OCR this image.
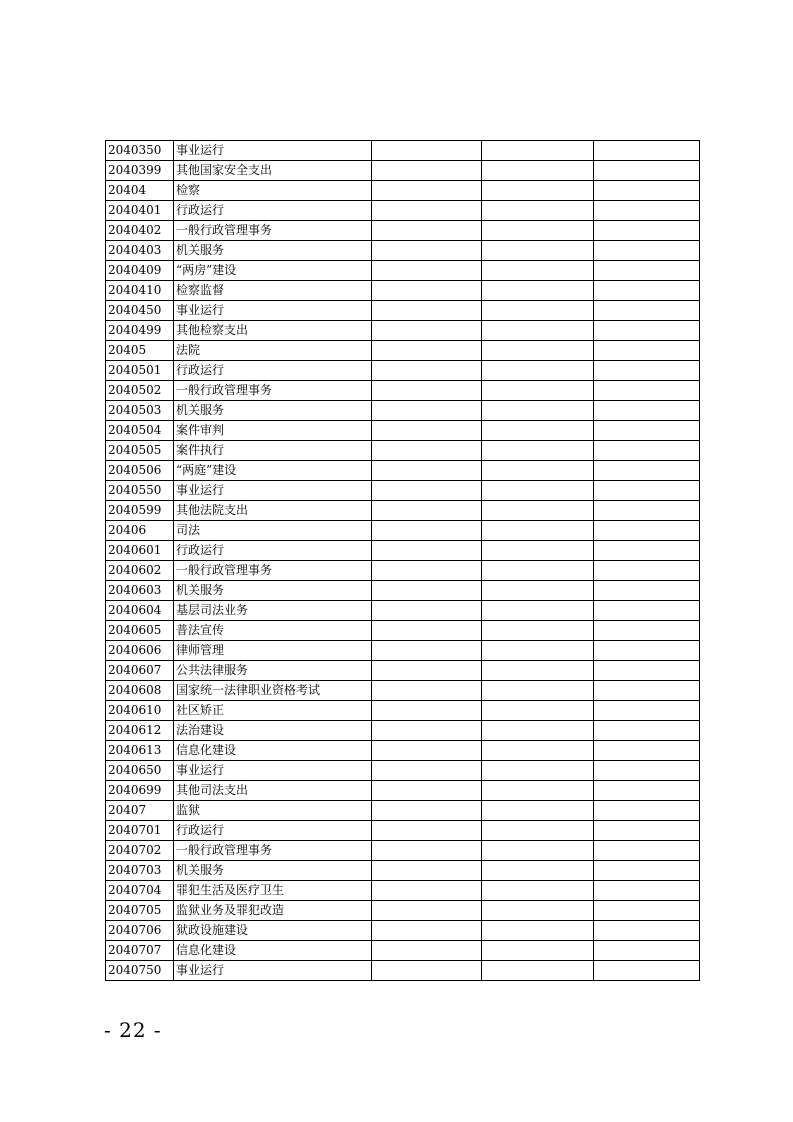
2040350	事业运行			
2040399	其他国家安全支出			
20404	检察			
2040401	行政运行			
2040402	一般行政管理事务			
2040403	机关服务			
2040409	“两房”建设			
2040410	检察监督			
2040450	事业运行			
2040499	其他检察支出			
20405	法院			
2040501	行政运行			
2040502	一般行政管理事务			
2040503	机关服务			
2040504	案件审判			
2040505	案件执行			
2040506	“两庭”建设			
2040550	事业运行			
2040599	其他法院支出			
20406	司法			
2040601	行政运行			
2040602	一般行政管理事务			
2040603	机关服务			
2040604	基层司法业务			
2040605	普法宣传			
2040606	律师管理			
2040607	公共法律服务			
2040608	国家统一法律职业资格考试			
2040610	社区矫正			
2040612	法治建设			
2040613	信息化建设			
2040650	事业运行			
2040699	其他司法支出			
20407	监狱			
2040701	行政运行			
2040702	一般行政管理事务			
2040703	机关服务			
2040704	罪犯生活及医疗卫生			
2040705	监狱业务及罪犯改造			
2040706	狱政设施建设			
2040707	信息化建设			
2040750	事业运行			
- 22 -
